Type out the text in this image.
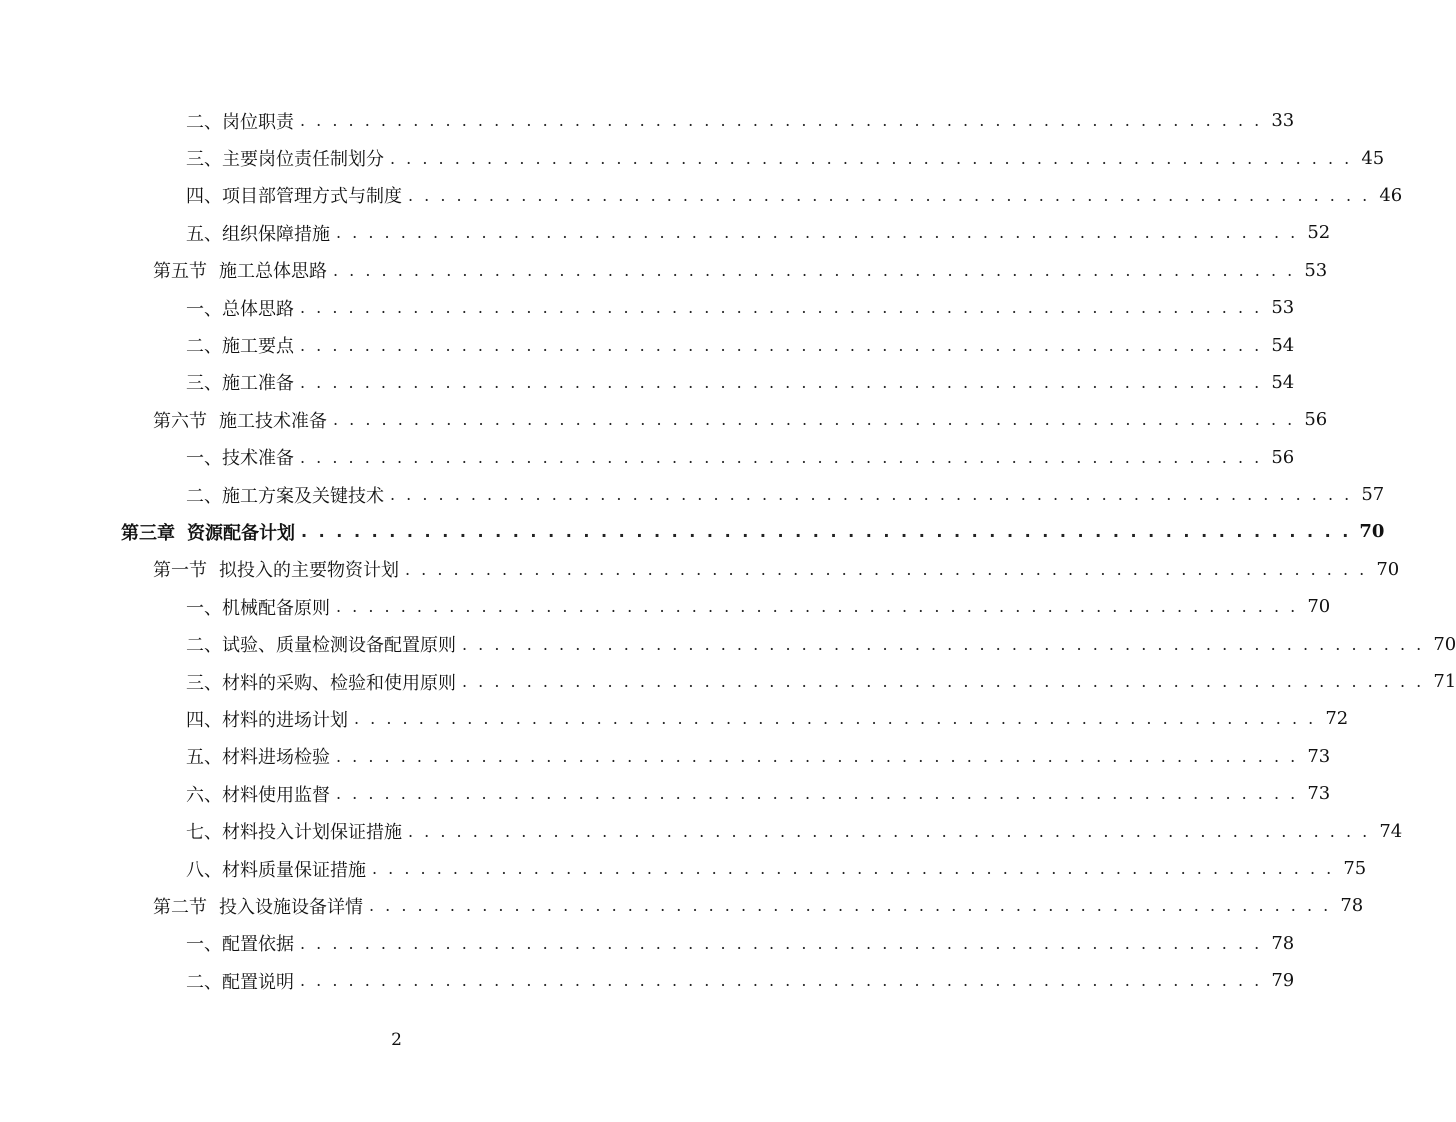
二、岗位职责 . . . . . . . . . . . . . . . . . . . . . . . . . . . . . . . . . . . . . . . . . . . . . . . . . . . . . . . . . . . . 33
三、主要岗位责任制划分 . . . . . . . . . . . . . . . . . . . . . . . . . . . . . . . . . . . . . . . . . . . . . . . . . . . . . . . . . . . . 45
四、项目部管理方式与制度 . . . . . . . . . . . . . . . . . . . . . . . . . . . . . . . . . . . . . . . . . . . . . . . . . . . . . . . . . . . . 46
五、组织保障措施 . . . . . . . . . . . . . . . . . . . . . . . . . . . . . . . . . . . . . . . . . . . . . . . . . . . . . . . . . . . . 52
第五节 施工总体思路 . . . . . . . . . . . . . . . . . . . . . . . . . . . . . . . . . . . . . . . . . . . . . . . . . . . . . . . . . . . . 53
一、总体思路 . . . . . . . . . . . . . . . . . . . . . . . . . . . . . . . . . . . . . . . . . . . . . . . . . . . . . . . . . . . . 53
二、施工要点 . . . . . . . . . . . . . . . . . . . . . . . . . . . . . . . . . . . . . . . . . . . . . . . . . . . . . . . . . . . . 54
三、施工准备 . . . . . . . . . . . . . . . . . . . . . . . . . . . . . . . . . . . . . . . . . . . . . . . . . . . . . . . . . . . . 54
第六节 施工技术准备 . . . . . . . . . . . . . . . . . . . . . . . . . . . . . . . . . . . . . . . . . . . . . . . . . . . . . . . . . . . . 56
一、技术准备 . . . . . . . . . . . . . . . . . . . . . . . . . . . . . . . . . . . . . . . . . . . . . . . . . . . . . . . . . . . . 56
二、施工方案及关键技术 . . . . . . . . . . . . . . . . . . . . . . . . . . . . . . . . . . . . . . . . . . . . . . . . . . . . . . . . . . . . 57
第三章 资源配备计划 . . . . . . . . . . . . . . . . . . . . . . . . . . . . . . . . . . . . . . . . . . . . . . . . . . . . . . . . . . . . 70
第一节 拟投入的主要物资计划 . . . . . . . . . . . . . . . . . . . . . . . . . . . . . . . . . . . . . . . . . . . . . . . . . . . . . . . . . . . . 70
一、机械配备原则 . . . . . . . . . . . . . . . . . . . . . . . . . . . . . . . . . . . . . . . . . . . . . . . . . . . . . . . . . . . . 70
二、试验、质量检测设备配置原则 . . . . . . . . . . . . . . . . . . . . . . . . . . . . . . . . . . . . . . . . . . . . . . . . . . . . . . . . . . . . 70
三、材料的采购、检验和使用原则 . . . . . . . . . . . . . . . . . . . . . . . . . . . . . . . . . . . . . . . . . . . . . . . . . . . . . . . . . . . . 71
四、材料的进场计划 . . . . . . . . . . . . . . . . . . . . . . . . . . . . . . . . . . . . . . . . . . . . . . . . . . . . . . . . . . . . 72
五、材料进场检验 . . . . . . . . . . . . . . . . . . . . . . . . . . . . . . . . . . . . . . . . . . . . . . . . . . . . . . . . . . . . 73
六、材料使用监督 . . . . . . . . . . . . . . . . . . . . . . . . . . . . . . . . . . . . . . . . . . . . . . . . . . . . . . . . . . . . 73
七、材料投入计划保证措施 . . . . . . . . . . . . . . . . . . . . . . . . . . . . . . . . . . . . . . . . . . . . . . . . . . . . . . . . . . . . 74
八、材料质量保证措施 . . . . . . . . . . . . . . . . . . . . . . . . . . . . . . . . . . . . . . . . . . . . . . . . . . . . . . . . . . . . 75
第二节 投入设施设备详情 . . . . . . . . . . . . . . . . . . . . . . . . . . . . . . . . . . . . . . . . . . . . . . . . . . . . . . . . . . . . 78
一、配置依据 . . . . . . . . . . . . . . . . . . . . . . . . . . . . . . . . . . . . . . . . . . . . . . . . . . . . . . . . . . . . 78
二、配置说明 . . . . . . . . . . . . . . . . . . . . . . . . . . . . . . . . . . . . . . . . . . . . . . . . . . . . . . . . . . . . 79
2
